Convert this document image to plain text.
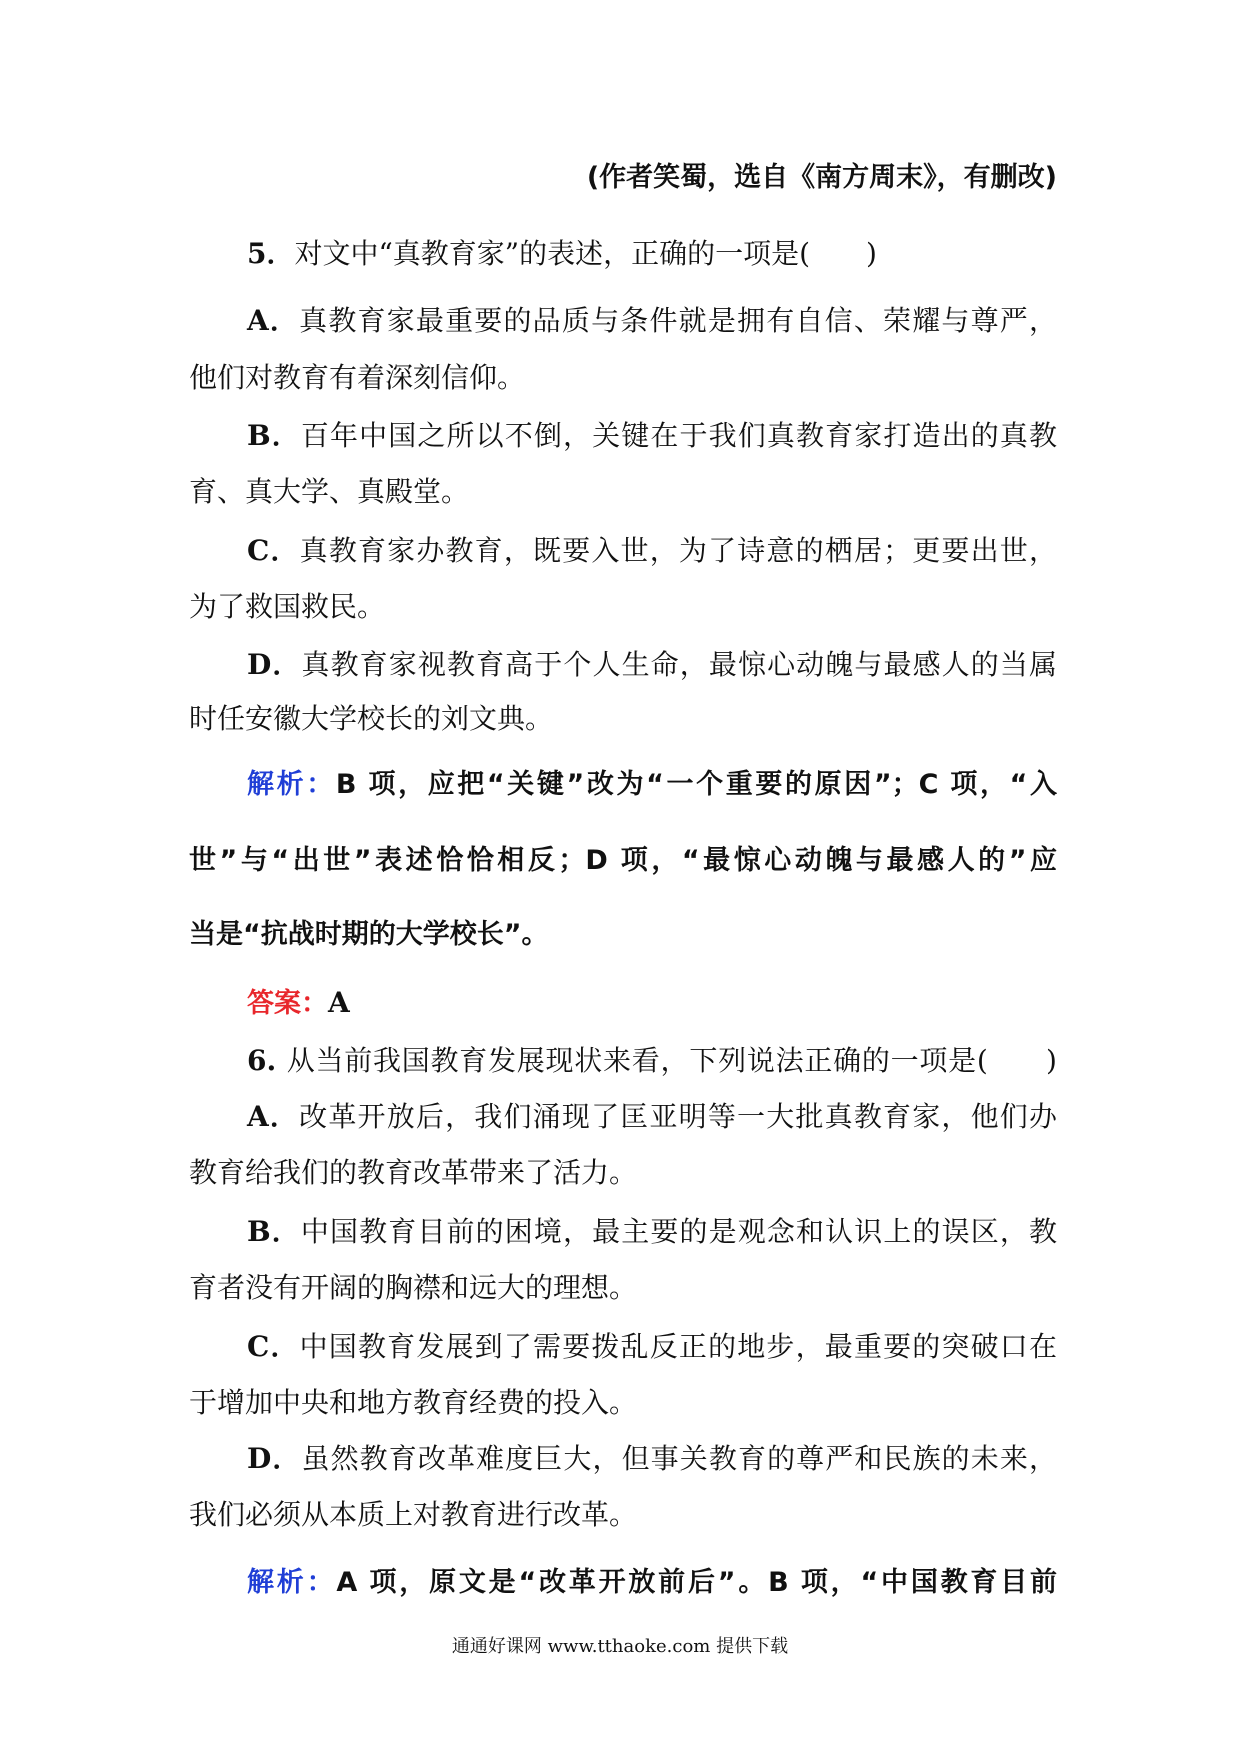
(作者笑蜀，选自《南方周末》，有删改)
5．对文中“真教育家”的表述，正确的一项是(　　)
A．真教育家最重要的品质与条件就是拥有自信、荣耀与尊严，
他们对教育有着深刻信仰。
B．百年中国之所以不倒，关键在于我们真教育家打造出的真教
育、真大学、真殿堂。
C．真教育家办教育，既要入世，为了诗意的栖居；更要出世，
为了救国救民。
D．真教育家视教育高于个人生命，最惊心动魄与最感人的当属
时任安徽大学校长的刘文典。
解析：B 项，应把“关键”改为“一个重要的原因”；C 项，“入
世”与“出世”表述恰恰相反；D 项，“最惊心动魄与最感人的”应
当是“抗战时期的大学校长”。
答案：A
6. 从当前我国教育发展现状来看，下列说法正确的一项是(　　)
A．改革开放后，我们涌现了匡亚明等一大批真教育家，他们办
教育给我们的教育改革带来了活力。
B．中国教育目前的困境，最主要的是观念和认识上的误区，教
育者没有开阔的胸襟和远大的理想。
C．中国教育发展到了需要拨乱反正的地步，最重要的突破口在
于增加中央和地方教育经费的投入。
D．虽然教育改革难度巨大，但事关教育的尊严和民族的未来，
我们必须从本质上对教育进行改革。
解析：A 项，原文是“改革开放前后”。B 项，“中国教育目前
通通好课网 www.tthaoke.com 提供下载
